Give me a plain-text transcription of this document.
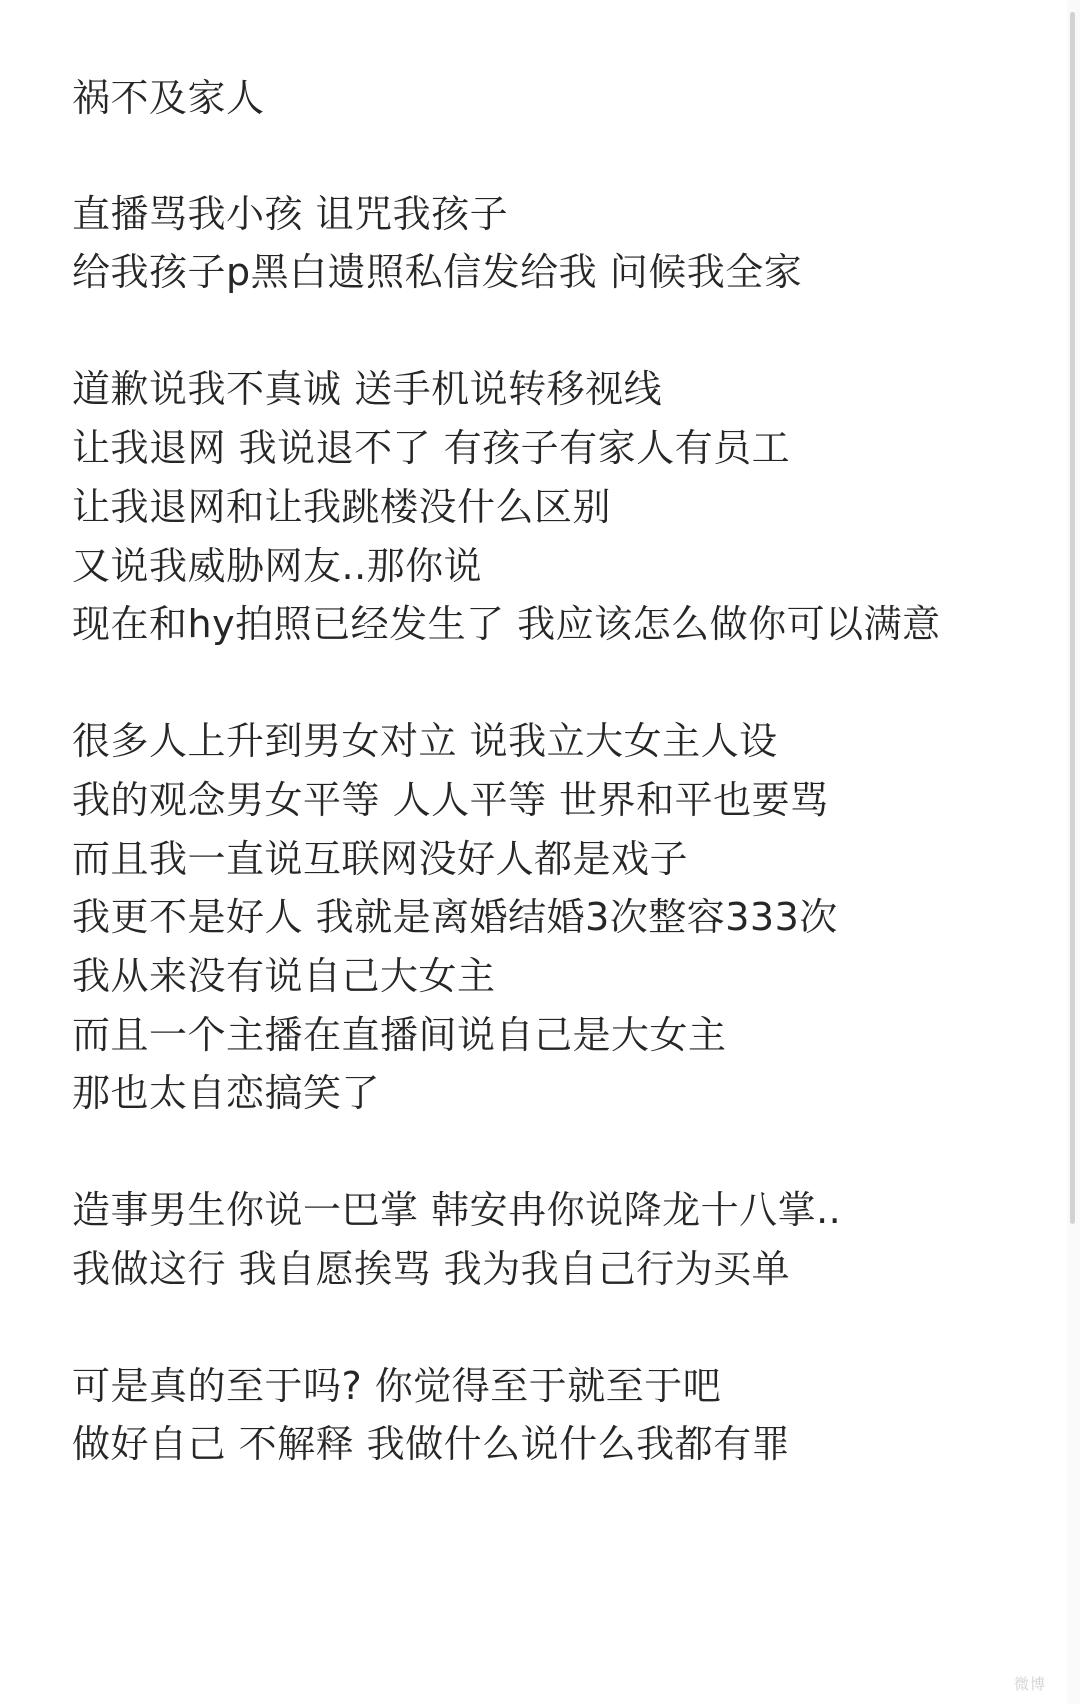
祸不及家人
直播骂我小孩 诅咒我孩子
给我孩子p黑白遗照私信发给我 问候我全家
道歉说我不真诚 送手机说转移视线
让我退网 我说退不了 有孩子有家人有员工
让我退网和让我跳楼没什么区别
又说我威胁网友..那你说
现在和hy拍照已经发生了 我应该怎么做你可以满意
很多人上升到男女对立 说我立大女主人设
我的观念男女平等 人人平等 世界和平也要骂
而且我一直说互联网没好人都是戏子
我更不是好人 我就是离婚结婚3次整容333次
我从来没有说自己大女主
而且一个主播在直播间说自己是大女主
那也太自恋搞笑了
造事男生你说一巴掌 韩安冉你说降龙十八掌..
我做这行 我自愿挨骂 我为我自己行为买单
可是真的至于吗? 你觉得至于就至于吧
做好自己 不解释 我做什么说什么我都有罪
微博
